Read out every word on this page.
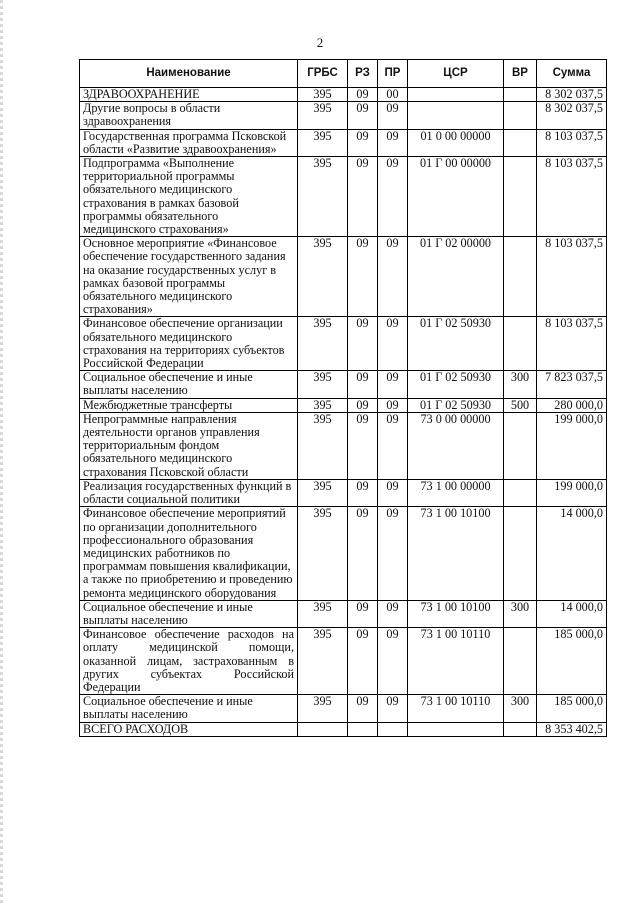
2
Наименование	ГРБС	РЗ	ПР	ЦСР	ВР	Сумма
ЗДРАВООХРАНЕНИЕ	395	09	00			8 302 037,5
Другие вопросы в области здравоохранения	395	09	09			8 302 037,5
Государственная программа Псковской области «Развитие здравоохранения»	395	09	09	01 0 00 00000		8 103 037,5
Подпрограмма «Выполнение территориальной программы обязательного медицинского страхования в рамках базовой программы обязательного медицинского страхования»	395	09	09	01 Г 00 00000		8 103 037,5
Основное мероприятие «Финансовое обеспечение государственного задания на оказание государственных услуг в рамках базовой программы обязательного медицинского страхования»	395	09	09	01 Г 02 00000		8 103 037,5
Финансовое обеспечение организации обязательного медицинского страхования на территориях субъектов Российской Федерации	395	09	09	01 Г 02 50930		8 103 037,5
Социальное обеспечение и иные выплаты населению	395	09	09	01 Г 02 50930	300	7 823 037,5
Межбюджетные трансферты	395	09	09	01 Г 02 50930	500	280 000,0
Непрограммные направления деятельности органов управления территориальным фондом обязательного медицинского страхования Псковской области	395	09	09	73 0 00 00000		199 000,0
Реализация государственных функций в области социальной политики	395	09	09	73 1 00 00000		199 000,0
Финансовое обеспечение мероприятий по организации дополнительного профессионального образования медицинских работников по программам повышения квалификации, а также по приобретению и проведению ремонта медицинского оборудования	395	09	09	73 1 00 10100		14 000,0
Социальное обеспечение и иные выплаты населению	395	09	09	73 1 00 10100	300	14 000,0
Финансовое обеспечение расходов на оплату медицинской помощи, оказанной лицам, застрахованным в других субъектах Российской Федерации	395	09	09	73 1 00 10110		185 000,0
Социальное обеспечение и иные выплаты населению	395	09	09	73 1 00 10110	300	185 000,0
ВСЕГО РАСХОДОВ						8 353 402,5
